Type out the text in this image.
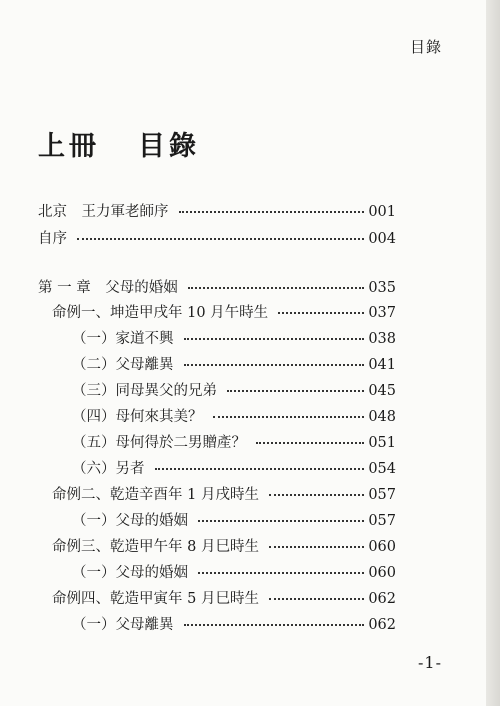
目錄
上冊 目錄
北京　王力軍老師序	001
自序	004
第 一 章　父母的婚姻	035
命例一、坤造甲戌年 10 月午時生	037
（一）家道不興	038
（二）父母離異	041
（三）同母異父的兄弟	045
（四）母何來其美？	048
（五）母何得於二男贈產？	051
（六）另者	054
命例二、乾造辛酉年 1 月戌時生	057
（一）父母的婚姻	057
命例三、乾造甲午年 8 月巳時生	060
（一）父母的婚姻	060
命例四、乾造甲寅年 5 月巳時生	062
（一）父母離異	062
-1-
